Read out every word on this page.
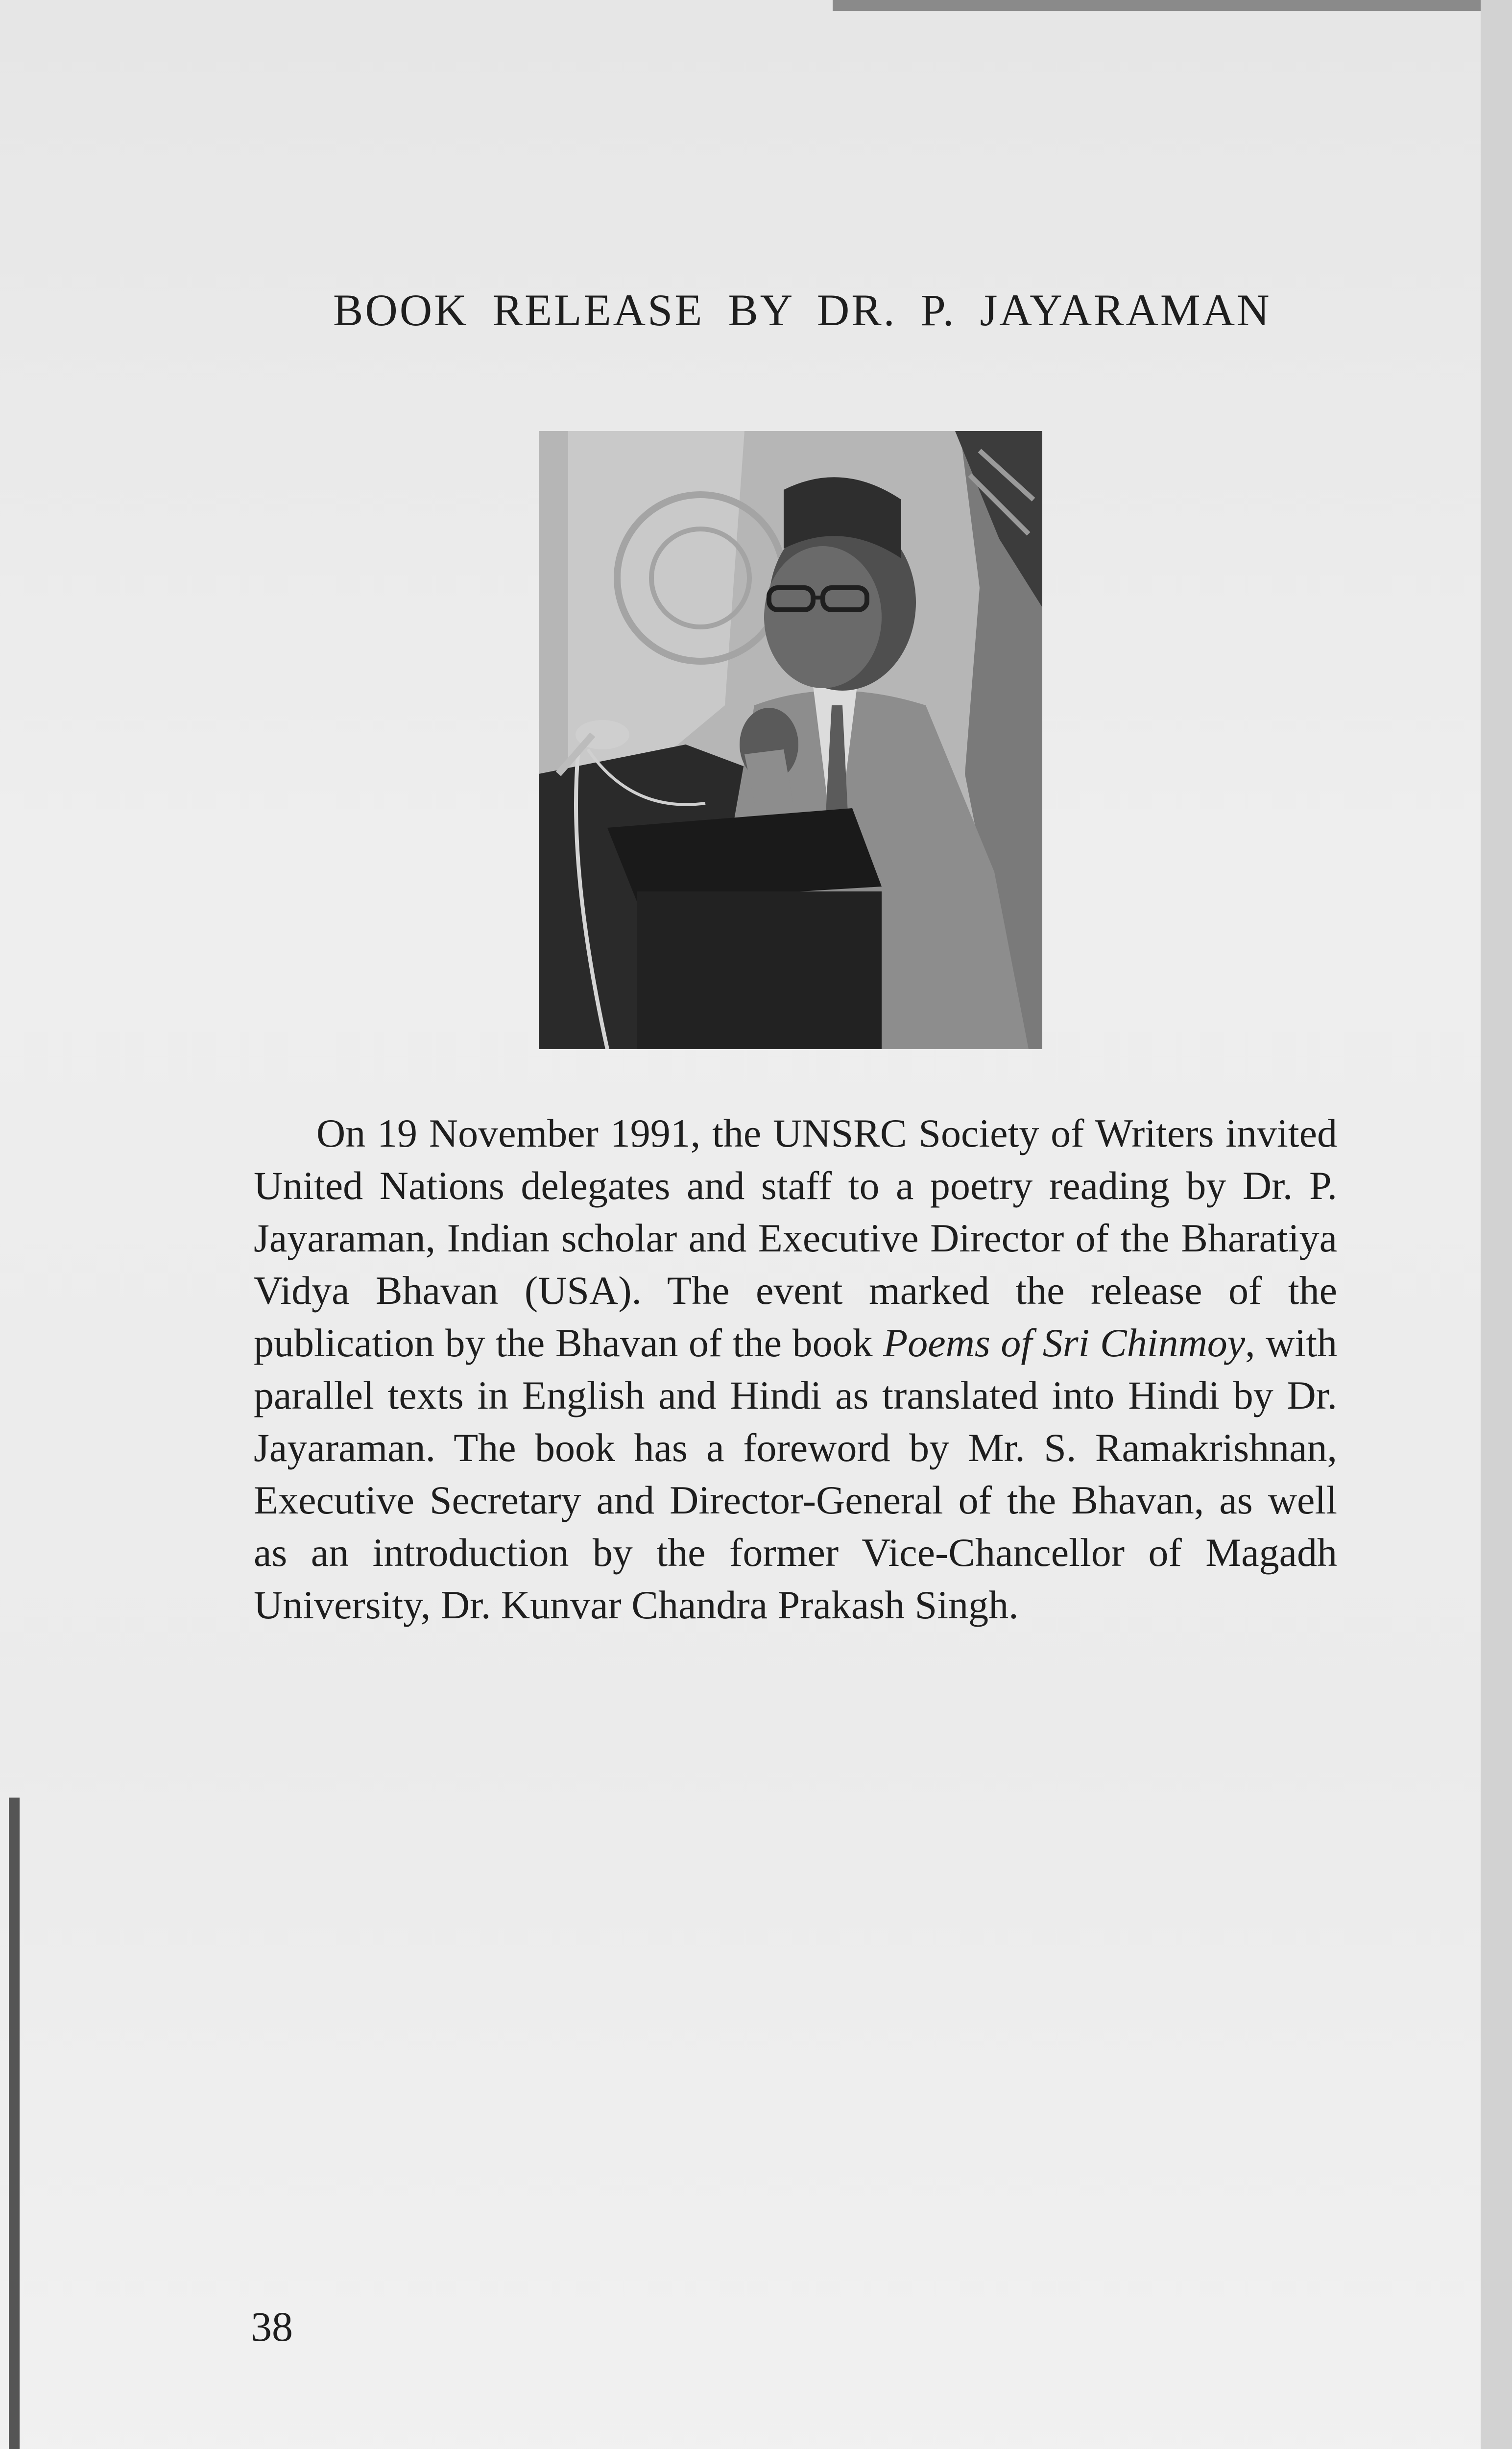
BOOK RELEASE BY DR. P. JAYARAMAN

On 19 November 1991, the UNSRC Society of Writers invited United Nations delegates and staff to a poetry reading by Dr. P. Jayaraman, Indian scholar and Executive Director of the Bharatiya Vidya Bhavan (USA). The event marked the release of the publication by the Bhavan of the book Poems of Sri Chinmoy, with parallel texts in English and Hindi as translated into Hindi by Dr. Jayaraman. The book has a foreword by Mr. S. Ramakrishnan, Executive Secretary and Director-General of the Bhavan, as well as an introduction by the former Vice-Chancellor of Magadh University, Dr. Kunvar Chandra Prakash Singh.

38
